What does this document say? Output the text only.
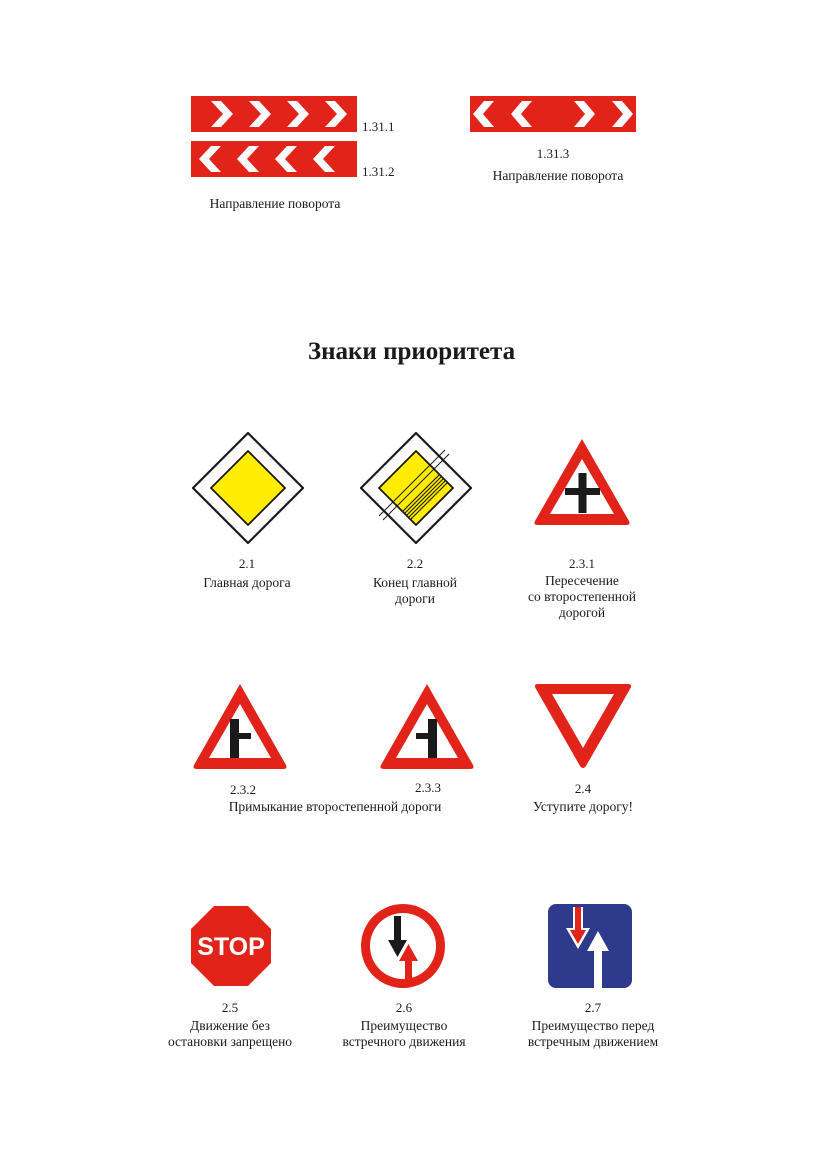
1.31.1
1.31.2
Направление поворота
1.31.3
Направление поворота
Знаки приоритета
2.1
Главная дорога
2.2
Конец главной
дороги
2.3.1
Пересечение
со второстепенной
дорогой
2.3.2	2.3.3
Примыкание второстепенной дороги
2.4
Уступите дорогу!
STOP
2.5
Движение без
остановки запрещено
2.6
Преимущество
встречного движения
2.7
Преимущество перед
встречным движением
